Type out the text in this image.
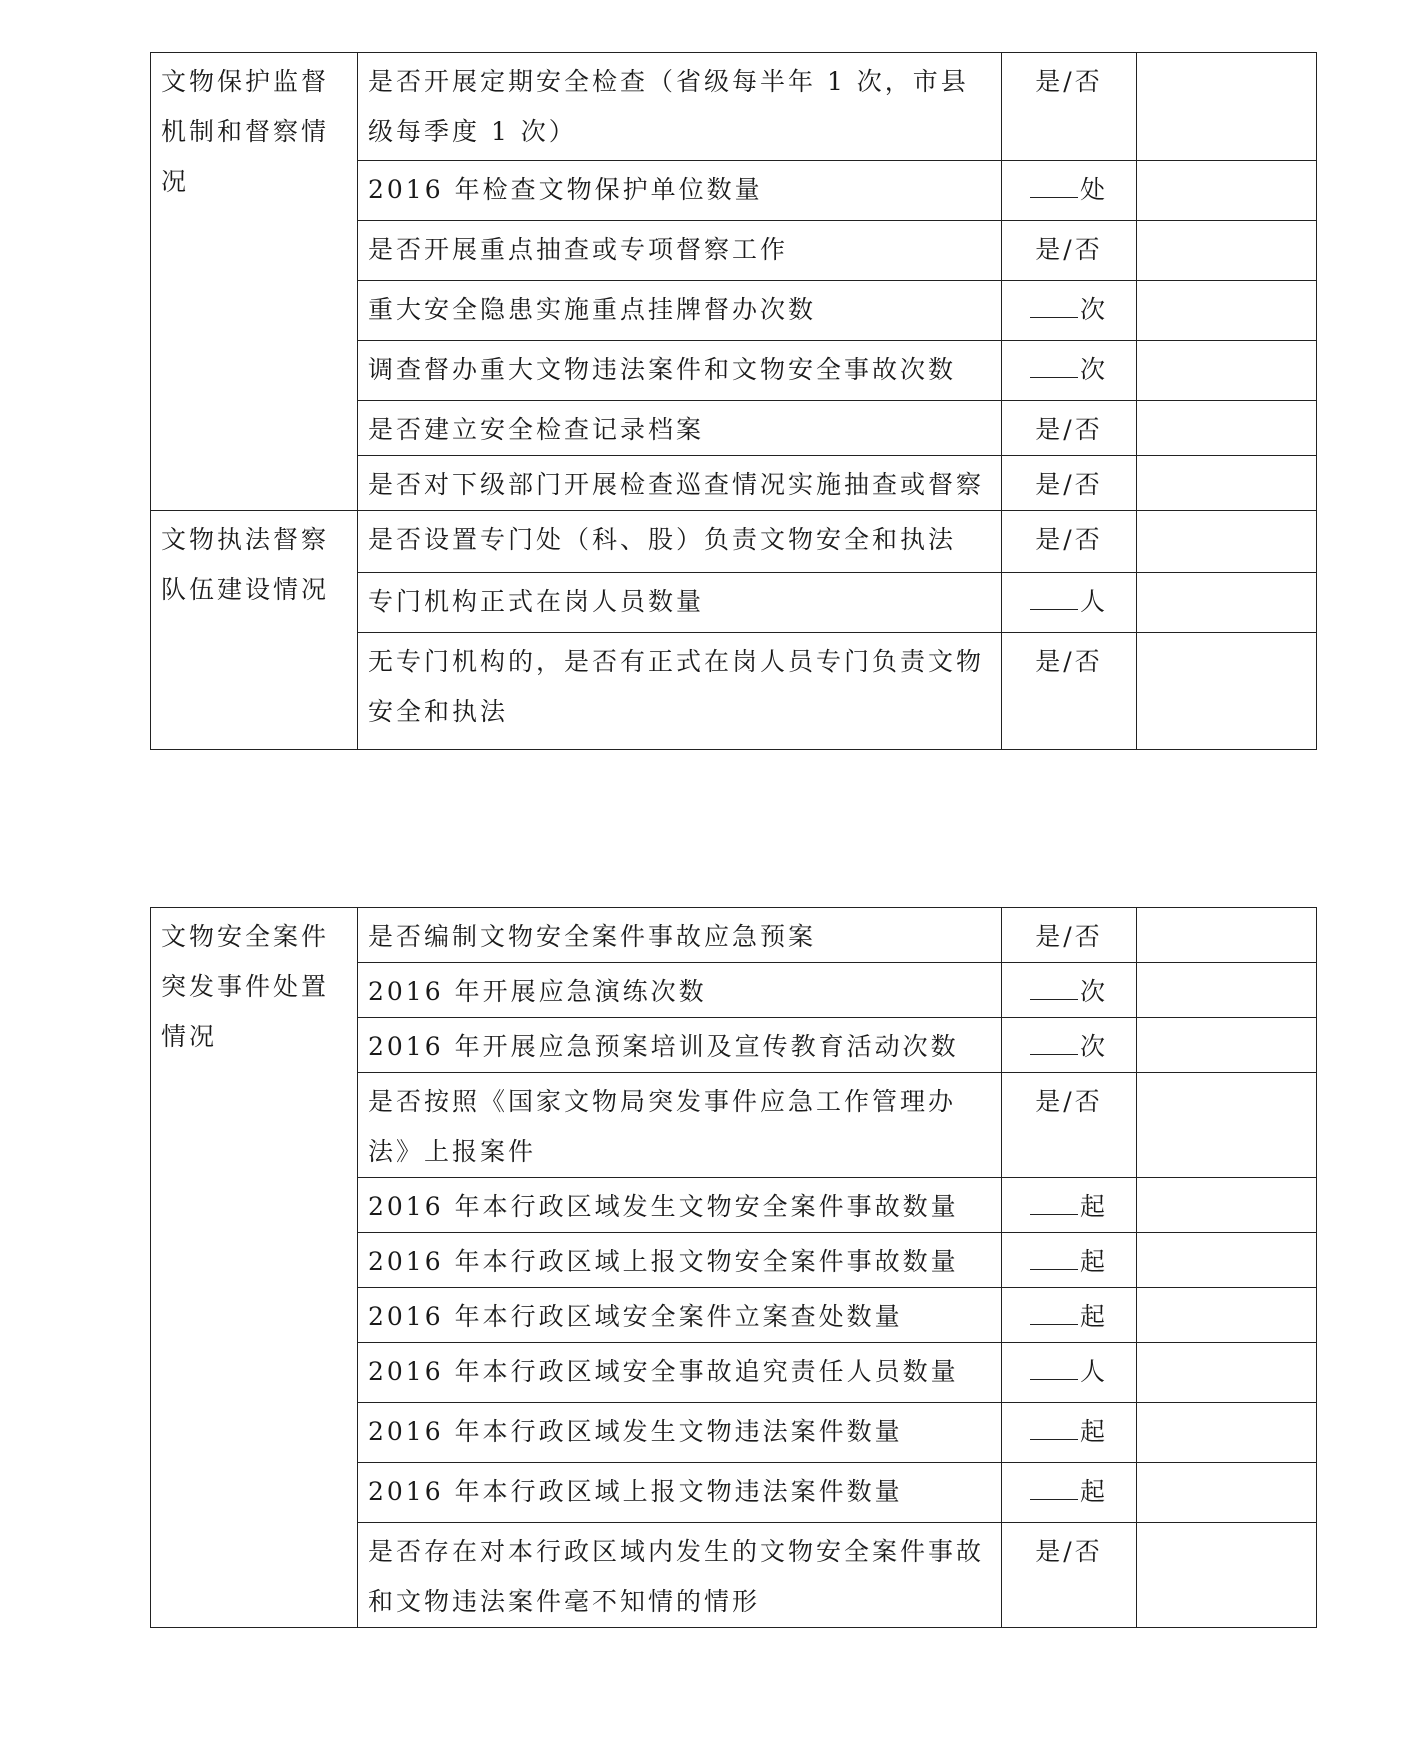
文物保护监督机制和督察情况	是否开展定期安全检查（省级每半年 1 次，市县级每季度 1 次）	是/否	
	2016 年检查文物保护单位数量	处	
	是否开展重点抽查或专项督察工作	是/否	
	重大安全隐患实施重点挂牌督办次数	次	
	调查督办重大文物违法案件和文物安全事故次数	次	
	是否建立安全检查记录档案	是/否	
	是否对下级部门开展检查巡查情况实施抽查或督察	是/否	
文物执法督察队伍建设情况	是否设置专门处（科、股）负责文物安全和执法	是/否	
	专门机构正式在岗人员数量	人	
	无专门机构的，是否有正式在岗人员专门负责文物安全和执法	是/否	
文物安全案件突发事件处置情况	是否编制文物安全案件事故应急预案	是/否	
	2016 年开展应急演练次数	次	
	2016 年开展应急预案培训及宣传教育活动次数	次	
	是否按照《国家文物局突发事件应急工作管理办法》上报案件	是/否	
	2016 年本行政区域发生文物安全案件事故数量	起	
	2016 年本行政区域上报文物安全案件事故数量	起	
	2016 年本行政区域安全案件立案查处数量	起	
	2016 年本行政区域安全事故追究责任人员数量	人	
	2016 年本行政区域发生文物违法案件数量	起	
	2016 年本行政区域上报文物违法案件数量	起	
	是否存在对本行政区域内发生的文物安全案件事故和文物违法案件毫不知情的情形	是/否	
